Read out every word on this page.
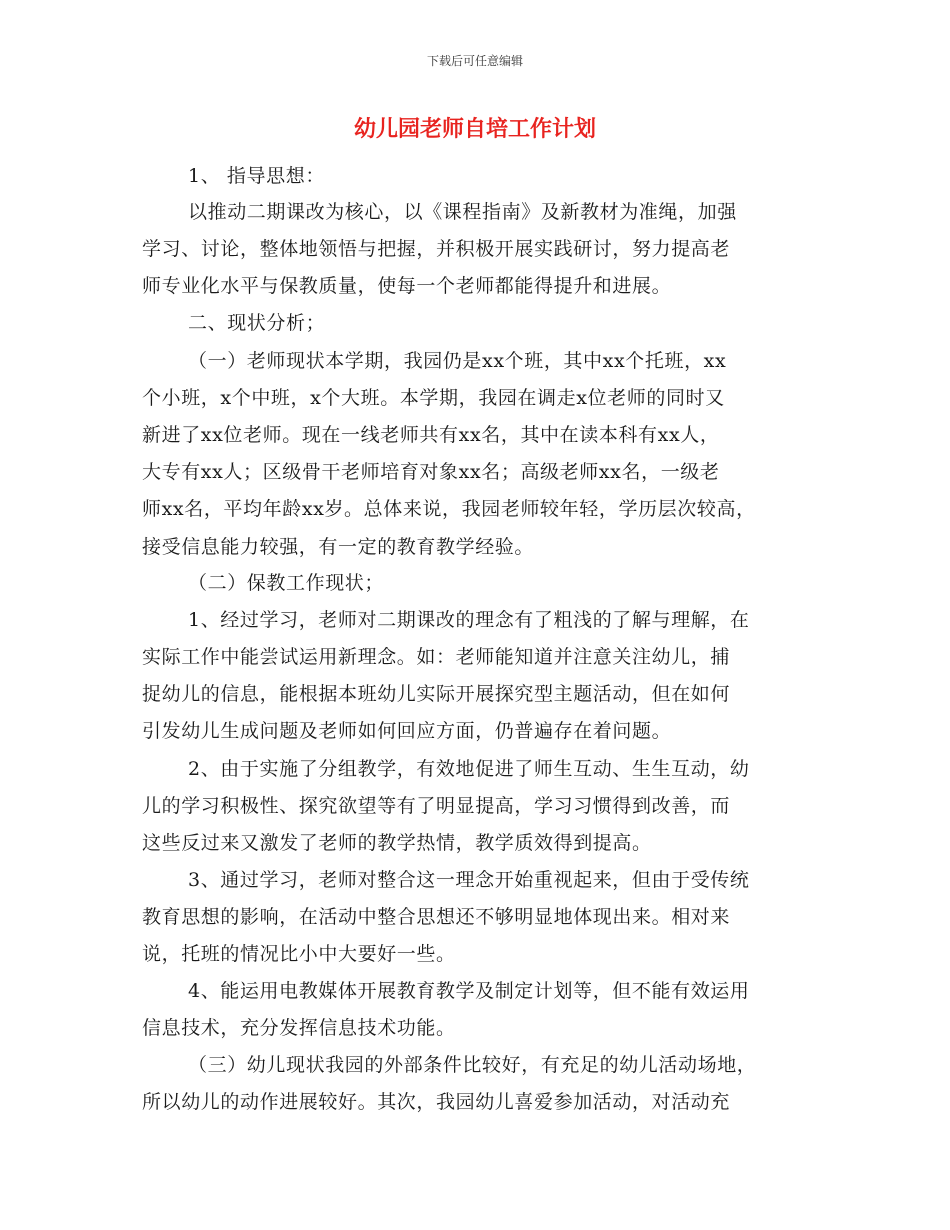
下载后可任意编辑
幼儿园老师自培工作计划
1、 指导思想：
以推动二期课改为核心，以《课程指南》及新教材为准绳，加强
学习、讨论，整体地领悟与把握，并积极开展实践研讨，努力提高老
师专业化水平与保教质量，使每一个老师都能得提升和进展。
二、现状分析；
（一）老师现状本学期，我园仍是xx个班，其中xx个托班，xx
个小班，x个中班，x个大班。本学期，我园在调走x位老师的同时又
新进了xx位老师。现在一线老师共有xx名，其中在读本科有xx人，
大专有xx人；区级骨干老师培育对象xx名；高级老师xx名，一级老
师xx名，平均年龄xx岁。总体来说，我园老师较年轻，学历层次较高，
接受信息能力较强，有一定的教育教学经验。
（二）保教工作现状；
1、经过学习，老师对二期课改的理念有了粗浅的了解与理解，在
实际工作中能尝试运用新理念。如：老师能知道并注意关注幼儿，捕
捉幼儿的信息，能根据本班幼儿实际开展探究型主题活动，但在如何
引发幼儿生成问题及老师如何回应方面，仍普遍存在着问题。
2、由于实施了分组教学，有效地促进了师生互动、生生互动，幼
儿的学习积极性、探究欲望等有了明显提高，学习习惯得到改善，而
这些反过来又激发了老师的教学热情，教学质效得到提高。
3、通过学习，老师对整合这一理念开始重视起来，但由于受传统
教育思想的影响，在活动中整合思想还不够明显地体现出来。相对来
说，托班的情况比小中大要好一些。
4、能运用电教媒体开展教育教学及制定计划等，但不能有效运用
信息技术，充分发挥信息技术功能。
（三）幼儿现状我园的外部条件比较好，有充足的幼儿活动场地，
所以幼儿的动作进展较好。其次，我园幼儿喜爱参加活动，对活动充
